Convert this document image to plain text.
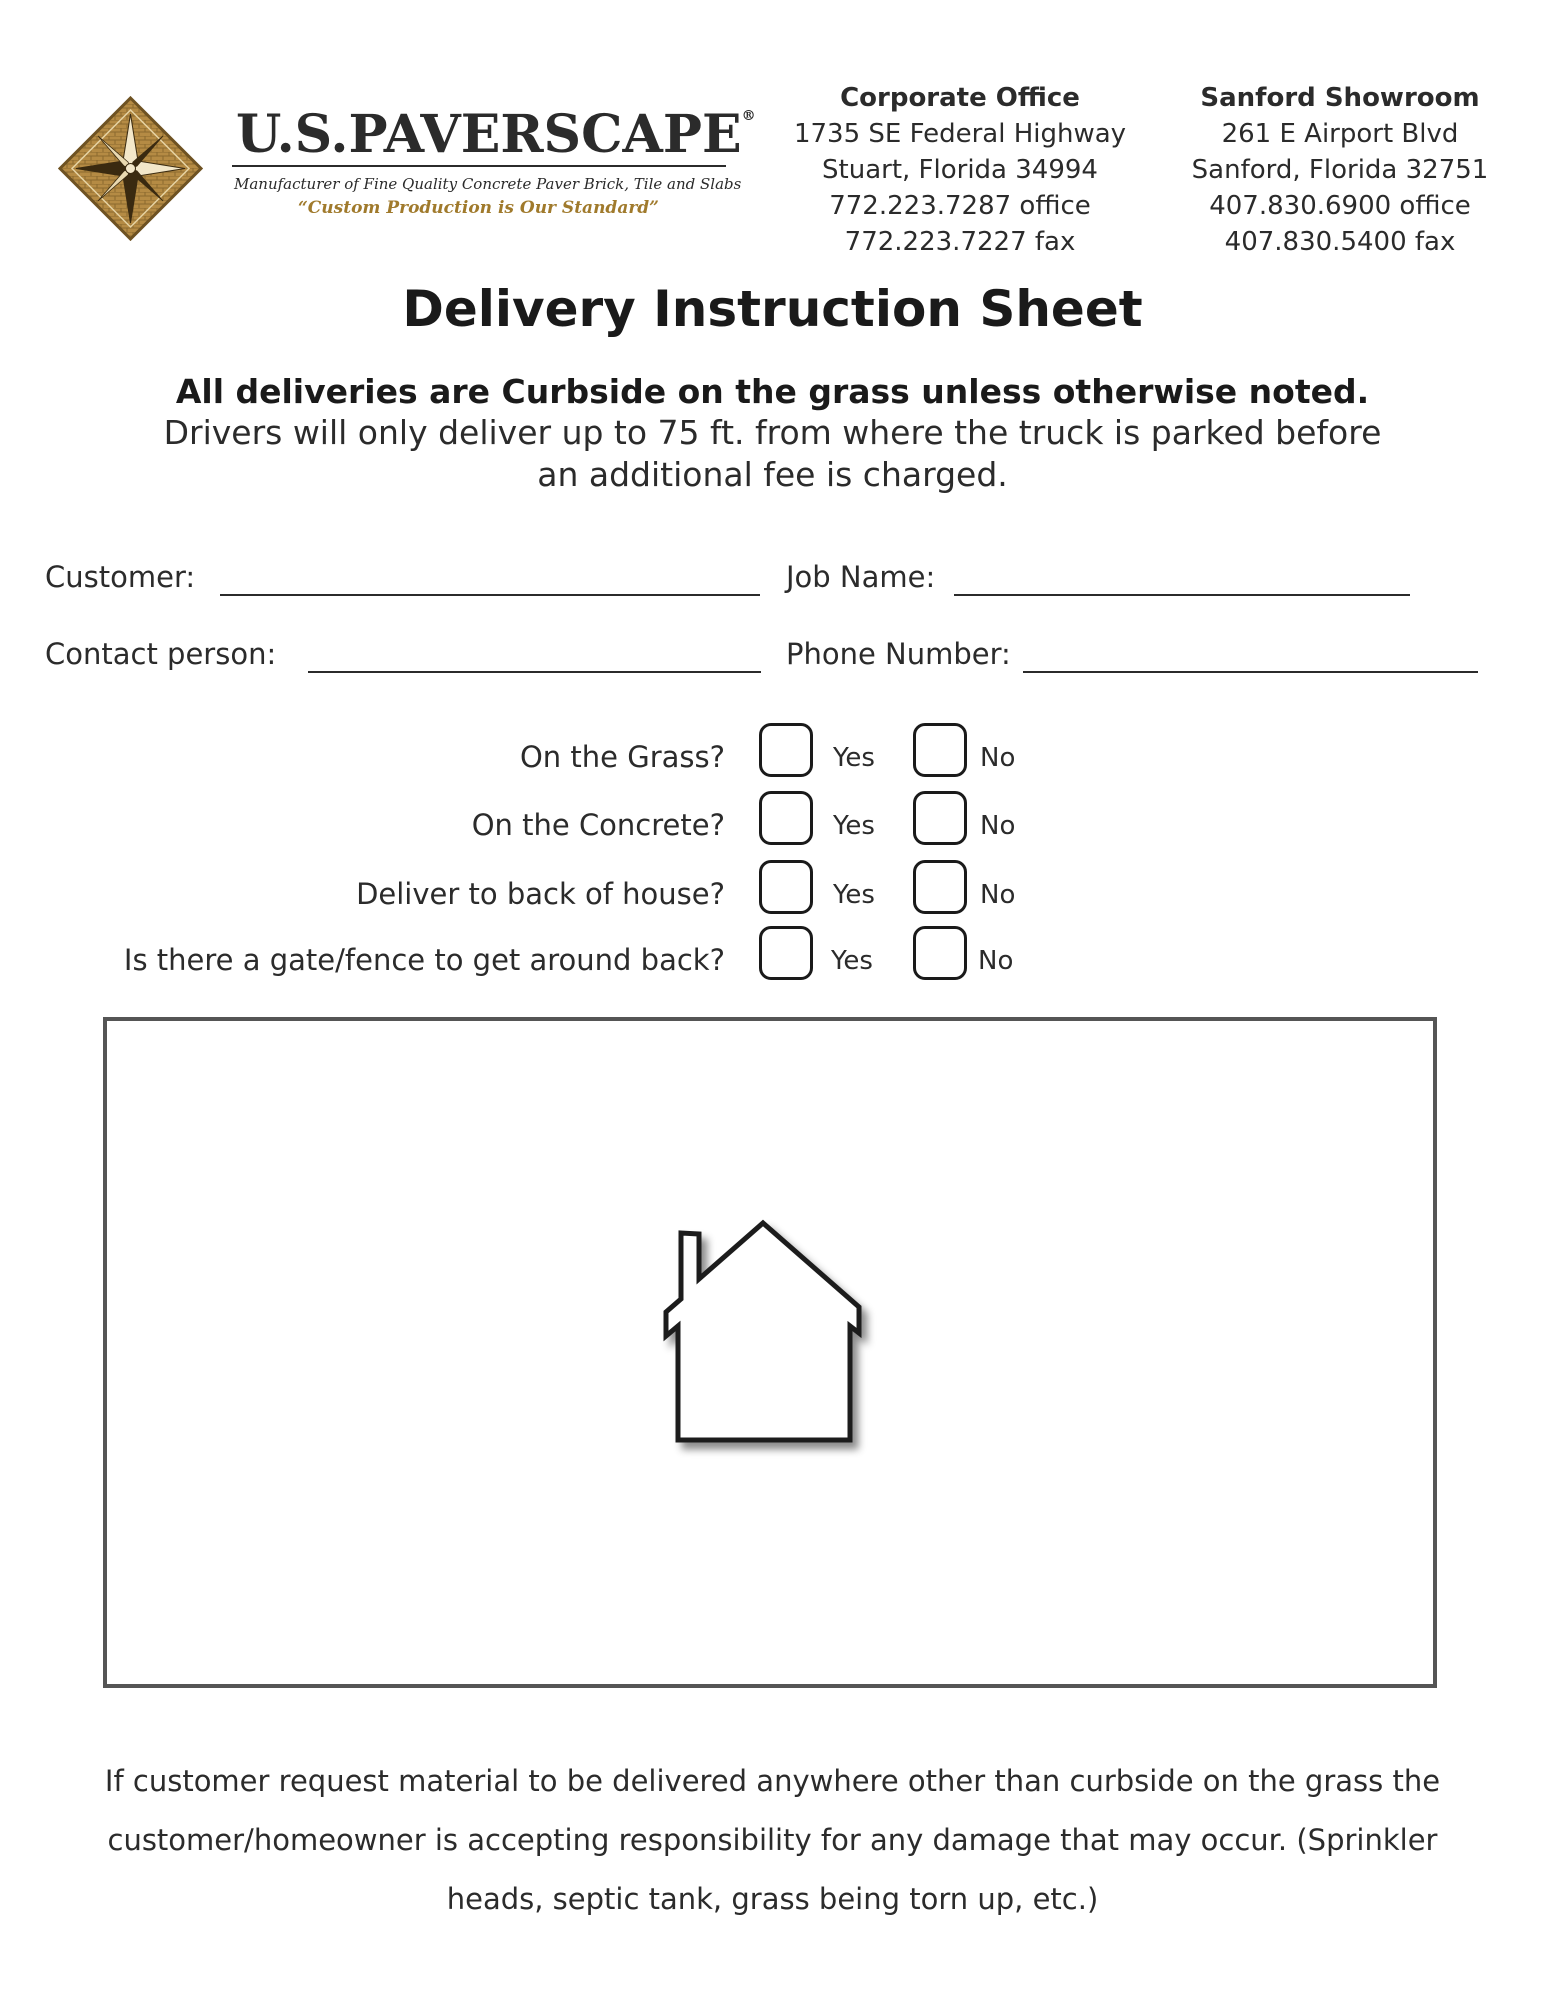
U.S.PAVERSCAPE®
Manufacturer of Fine Quality Concrete Paver Brick, Tile and Slabs
“Custom Production is Our Standard”
Corporate Office
1735 SE Federal Highway
Stuart, Florida 34994
772.223.7287 office
772.223.7227 fax
Sanford Showroom
261 E Airport Blvd
Sanford, Florida 32751
407.830.6900 office
407.830.5400 fax
Delivery Instruction Sheet
All deliveries are Curbside on the grass unless otherwise noted.
Drivers will only deliver up to 75 ft. from where the truck is parked before
an additional fee is charged.
Customer:	Job Name:
Contact person:	Phone Number:
On the Grass?	Yes	No
On the Concrete?	Yes	No
Deliver to back of house?	Yes	No
Is there a gate/fence to get around back?	Yes	No
If customer request material to be delivered anywhere other than curbside on the grass the
customer/homeowner is accepting responsibility for any damage that may occur. (Sprinkler
heads, septic tank, grass being torn up, etc.)
